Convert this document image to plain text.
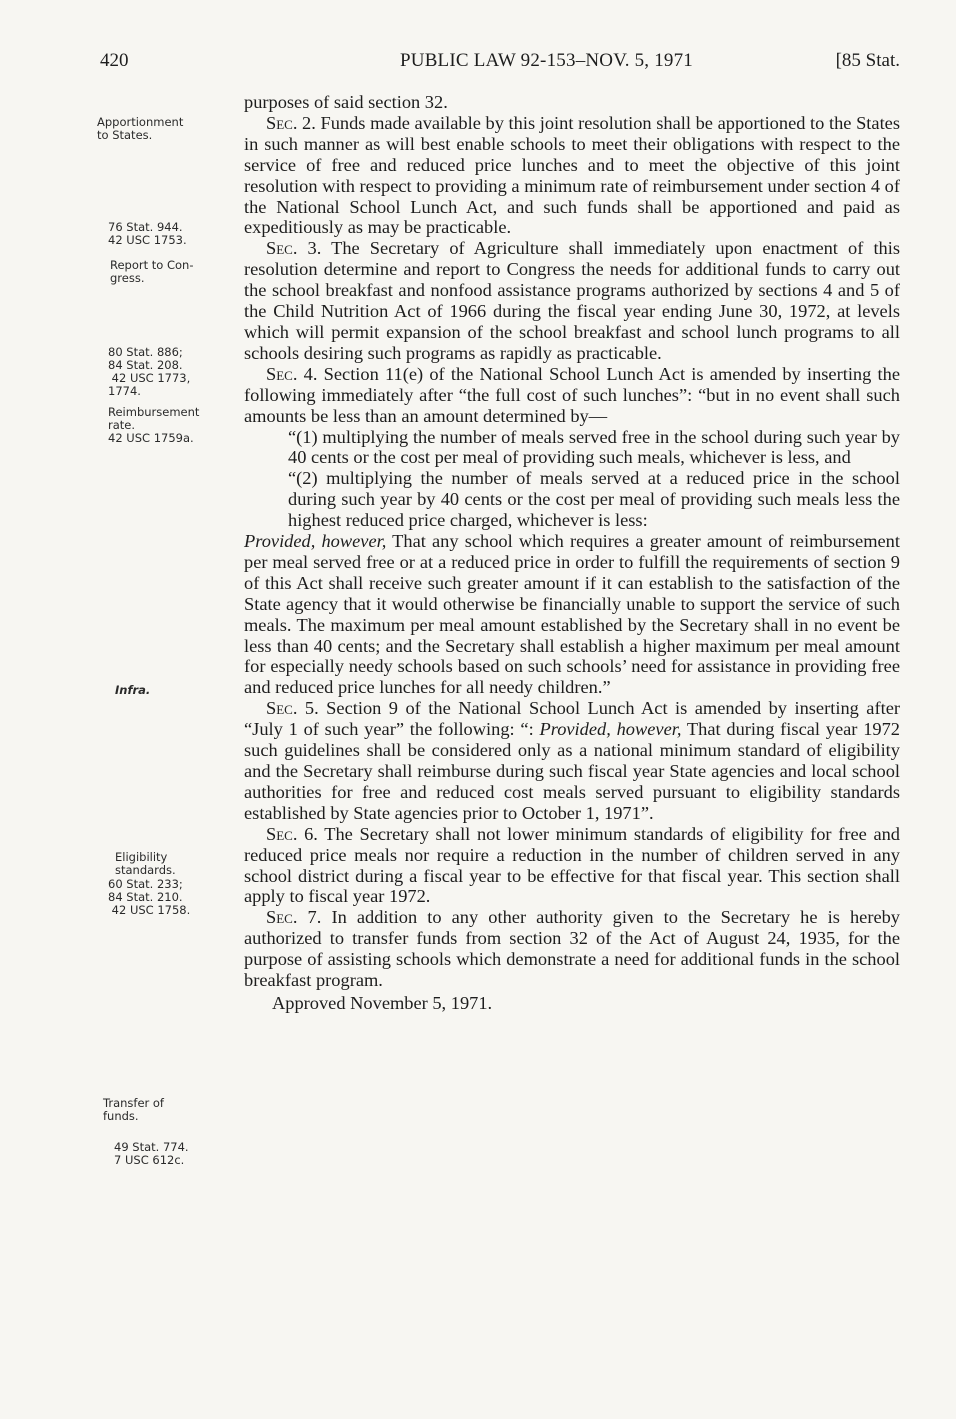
420	PUBLIC LAW 92-153–NOV. 5, 1971	[85 Stat.
Apportionment
to States.
76 Stat. 944.
42 USC 1753.
Report to Con-
gress.
80 Stat. 886;
84 Stat. 208.
42 USC 1773,
1774.
Reimbursement
rate.
42 USC 1759a.
Infra.
Eligibility
standards.
60 Stat. 233;
84 Stat. 210.
42 USC 1758.
Transfer of
funds.
49 Stat. 774.
7 USC 612c.

purposes of said section 32.

Sec. 2. Funds made available by this joint resolution shall be apportioned to the States in such manner as will best enable schools to meet their obligations with respect to the service of free and reduced price lunches and to meet the objective of this joint resolution with respect to providing a minimum rate of reimbursement under section 4 of the National School Lunch Act, and such funds shall be apportioned and paid as expeditiously as may be practicable.

Sec. 3. The Secretary of Agriculture shall immediately upon enactment of this resolution determine and report to Congress the needs for additional funds to carry out the school breakfast and nonfood assistance programs authorized by sections 4 and 5 of the Child Nutrition Act of 1966 during the fiscal year ending June 30, 1972, at levels which will permit expansion of the school breakfast and school lunch programs to all schools desiring such programs as rapidly as practicable.

Sec. 4. Section 11(e) of the National School Lunch Act is amended by inserting the following immediately after “the full cost of such lunches”: “but in no event shall such amounts be less than an amount determined by—

“(1) multiplying the number of meals served free in the school during such year by 40 cents or the cost per meal of providing such meals, whichever is less, and

“(2) multiplying the number of meals served at a reduced price in the school during such year by 40 cents or the cost per meal of providing such meals less the highest reduced price charged, whichever is less:

Provided, however, That any school which requires a greater amount of reimbursement per meal served free or at a reduced price in order to fulfill the requirements of section 9 of this Act shall receive such greater amount if it can establish to the satisfaction of the State agency that it would otherwise be financially unable to support the service of such meals. The maximum per meal amount established by the Secretary shall in no event be less than 40 cents; and the Secretary shall establish a higher maximum per meal amount for especially needy schools based on such schools’ need for assistance in providing free and reduced price lunches for all needy children.”

Sec. 5. Section 9 of the National School Lunch Act is amended by inserting after “July 1 of such year” the following: “: Provided, however, That during fiscal year 1972 such guidelines shall be considered only as a national minimum standard of eligibility and the Secretary shall reimburse during such fiscal year State agencies and local school authorities for free and reduced cost meals served pursuant to eligibility standards established by State agencies prior to October 1, 1971”.

Sec. 6. The Secretary shall not lower minimum standards of eligibility for free and reduced price meals nor require a reduction in the number of children served in any school district during a fiscal year to be effective for that fiscal year. This section shall apply to fiscal year 1972.

Sec. 7. In addition to any other authority given to the Secretary he is hereby authorized to transfer funds from section 32 of the Act of August 24, 1935, for the purpose of assisting schools which demonstrate a need for additional funds in the school breakfast program.

Approved November 5, 1971.
